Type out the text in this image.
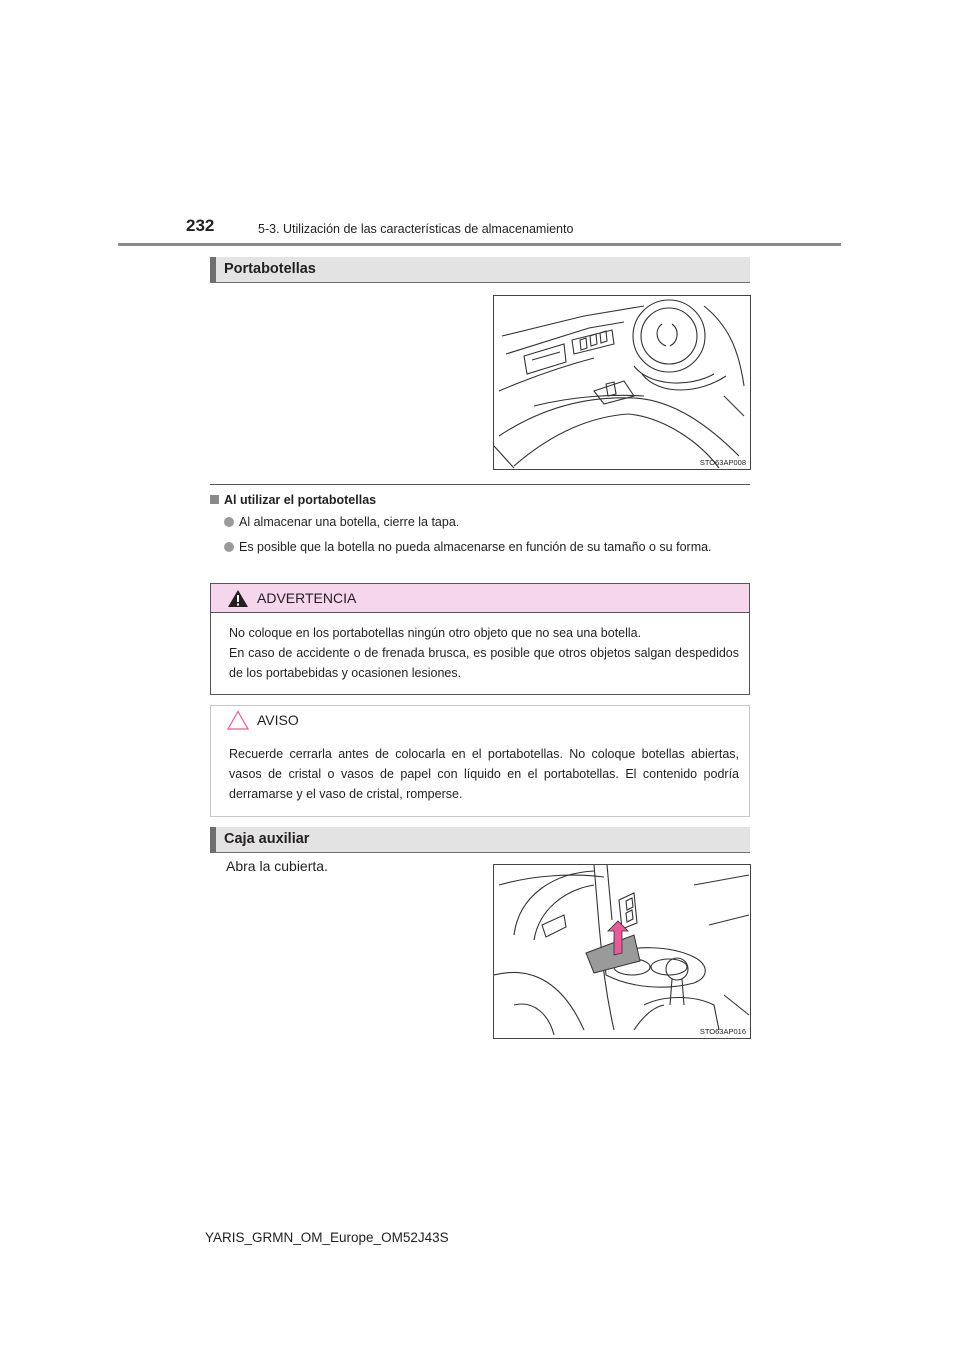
232	5-3. Utilización de las características de almacenamiento
Portabotellas
STO63AP008
Al utilizar el portabotellas
Al almacenar una botella, cierre la tapa.
Es posible que la botella no pueda almacenarse en función de su tamaño o su forma.
ADVERTENCIA
No coloque en los portabotellas ningún otro objeto que no sea una botella.
En caso de accidente o de frenada brusca, es posible que otros objetos salgan despedidos de los portabebidas y ocasionen lesiones.
AVISO
Recuerde cerrarla antes de colocarla en el portabotellas. No coloque botellas abiertas, vasos de cristal o vasos de papel con líquido en el portabotellas. El contenido podría derramarse y el vaso de cristal, romperse.
Caja auxiliar
Abra la cubierta.
STO63AP016
YARIS_GRMN_OM_Europe_OM52J43S
